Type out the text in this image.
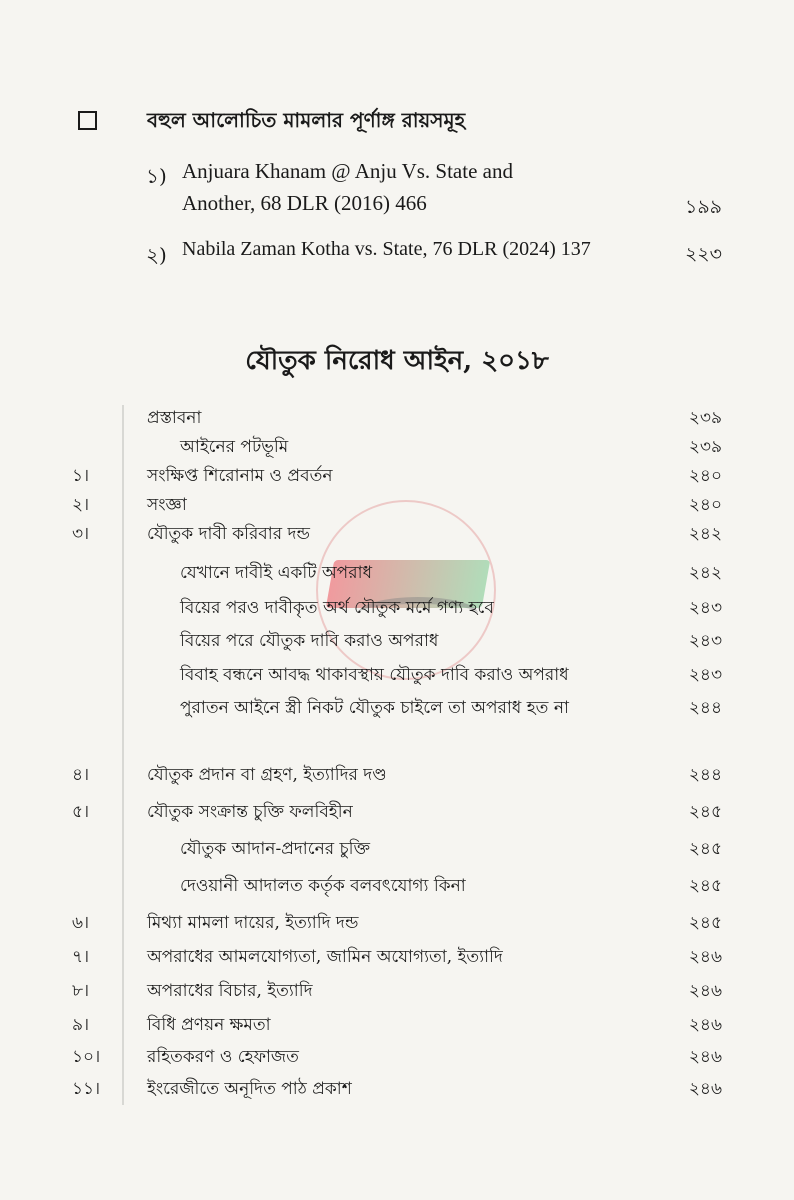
বহুল আলোচিত মামলার পূর্ণাঙ্গ রায়সমূহ
১) Anjuara Khanam @ Anju Vs. State and
Another, 68 DLR (2016) 466	১৯৯
২) Nabila Zaman Kotha vs. State, 76 DLR (2024) 137	২২৩
যৌতুক নিরোধ আইন, ২০১৮
প্রস্তাবনা	২৩৯
আইনের পটভূমি	২৩৯
১।	সংক্ষিপ্ত শিরোনাম ও প্রবর্তন	২৪০
২।	সংজ্ঞা	২৪০
৩।	যৌতুক দাবী করিবার দন্ড	২৪২
যেখানে দাবীই একটি অপরাধ	২৪২
বিয়ের পরও দাবীকৃত অর্থ যৌতুক মর্মে গণ্য হবে	২৪৩
বিয়ের পরে যৌতুক দাবি করাও অপরাধ	২৪৩
বিবাহ বন্ধনে আবদ্ধ থাকাবস্থায় যৌতুক দাবি করাও অপরাধ	২৪৩
পুরাতন আইনে স্ত্রী নিকট যৌতুক চাইলে তা অপরাধ হত না	২৪৪
৪।	যৌতুক প্রদান বা গ্রহণ, ইত্যাদির দণ্ড	২৪৪
৫।	যৌতুক সংক্রান্ত চুক্তি ফলবিহীন	২৪৫
যৌতুক আদান-প্রদানের চুক্তি	২৪৫
দেওয়ানী আদালত কর্তৃক বলবৎযোগ্য কিনা	২৪৫
৬।	মিথ্যা মামলা দায়ের, ইত্যাদি দন্ড	২৪৫
৭।	অপরাধের আমলযোগ্যতা, জামিন অযোগ্যতা, ইত্যাদি	২৪৬
৮।	অপরাধের বিচার, ইত্যাদি	২৪৬
৯।	বিধি প্রণয়ন ক্ষমতা	২৪৬
১০।	রহিতকরণ ও হেফাজত	২৪৬
১১।	ইংরেজীতে অনূদিত পাঠ প্রকাশ	২৪৬
